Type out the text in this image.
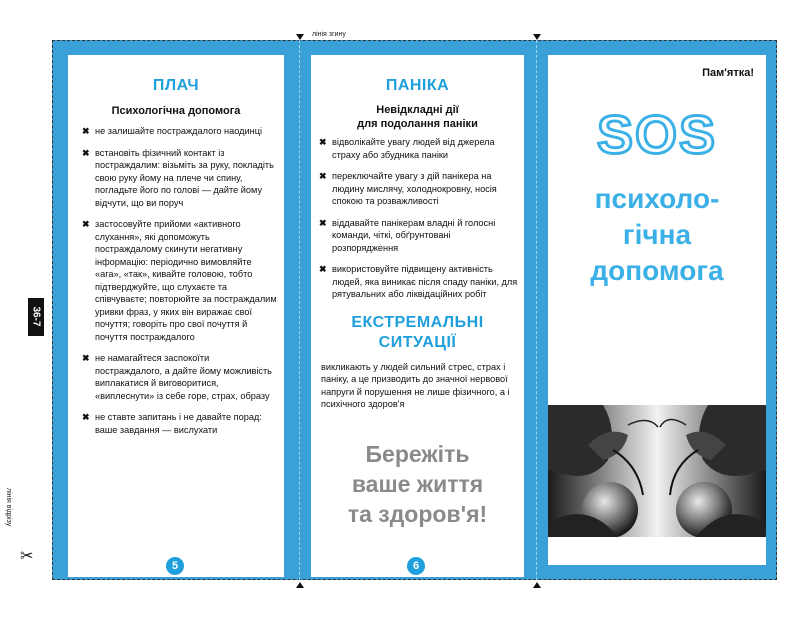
лінія згину
36-7
лінія відрізу
✂
ПЛАЧ
Психологічна допомога
✖ не залишайте постраждалого наодинці
✖ встановіть фізичний контакт із постраждалим: візьміть за руку, покладіть свою руку йому на плече чи спину, погладьте його по голові — дайте йому відчути, що ви поруч
✖ застосовуйте прийоми «активного слухання», які допоможуть постраждалому скинути негативну інформацію: періодично вимовляйте «ага», «так», кивайте головою, тобто підтверджуйте, що слухаєте та співчуваєте; повторюйте за постраждалим уривки фраз, у яких він виражає свої почуття; говоріть про свої почуття й почуття постраждалого
✖ не намагайтеся заспокоїти постраждалого, а дайте йому можливість виплакатися й виговоритися, «виплеснути» із себе горе, страх, образу
✖ не ставте запитань і не давайте порад: ваше завдання — вислухати
5
ПАНІКА
Невідкладні дії
для подолання паніки
✖ відволікайте увагу людей від джерела страху або збудника паніки
✖ переключайте увагу з дій панікера на людину мислячу, холоднокровну, носія спокою та розважливості
✖ віддавайте панікерам владні й голосні команди, чіткі, обґрунтовані розпорядження
✖ використовуйте підвищену активність людей, яка виникає після спаду паніки, для рятувальних або ліквідаційних робіт
ЕКСТРЕМАЛЬНІ
СИТУАЦІЇ
викликають у людей сильний стрес, страх і паніку, а це призводить до значної нервової напруги й порушення не лише фізичного, а і психічного здоров'я
Бережіть
ваше життя
та здоров'я!
6
Пам'ятка!
SOS
психоло-
гічна
допомога
